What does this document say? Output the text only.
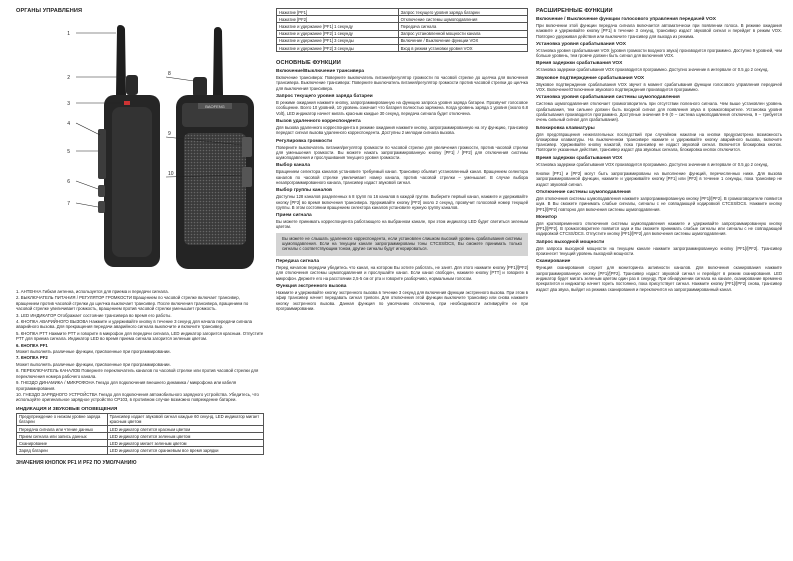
ОРГАНЫ УПРАВЛЕНИЯ
BAOFENG
1
2
3
4
5
6
7
8
9
10
1. АНТЕННА Гибкая антенна, используется для приема и передачи сигнала.
2. ВЫКЛЮЧАТЕЛЬ ПИТАНИЯ / РЕГУЛЯТОР ГРОМКОСТИ Вращением по часовой стрелке включает трансивер, вращением против часовой стрелки до щелчка выключает трансивер. После включения трансивера, вращением по часовой стрелке увеличивает громкость, вращением против часовой стрелки уменьшает громкость.
3. LED ИНДИКАТОР Отображает состояние трансивера во время его работы.
4. КНОПКА АВАРИЙНОГО ВЫЗОВА Нажмите и удерживайте кнопку в течение 3 секунд для начала передачи сигнала аварийного вызова. Для прекращения передачи аварийного сигнала выключите и включите трансивер.
5. КНОПКА PTT Нажмите PTT и говорите в микрофон для передачи сигнала, LED индикатор загорится красным. Отпустите PTT для приема сигнала. Индикатор LED во время приема сигнала загорится зеленым цветом.
6. КНОПКА PF1
Может выполнять различные функции, присвоенные при программировании.
7. КНОПКА PF2
Может выполнять различные функции, присвоенные при программировании.
8. ПЕРЕКЛЮЧАТЕЛЬ КАНАЛОВ Поверните переключатель каналов по часовой стрелке или против часовой стрелки для переключения номера рабочего канала.
9. ГНЕЗДО ДИНАМИКА / МИКРОФОНА Гнездо для подключения внешнего динамика / микрофона или кабеля программирования.
10. ГНЕЗДО ЗАРЯДНОГО УСТРОЙСТВА Гнездо для подключения автомобильного зарядного устройства. Убедитесь, что используйте оригинальное зарядное устройство CP103, в противном случае возможно повреждение батареи.
ИНДИКАЦИЯ И ЗВУКОВЫЕ ОПОВЕЩЕНИЯ
Предупреждение о низком уровне заряда батареи	Трансивер издает звуковой сигнал каждые 60 секунд, LED индикатор мигает красным цветом
Передача сигнала или чтение данных	LED индикатор светится красным цветом
Прием сигнала или запись данных	LED индикатор светится зеленым цветом
Сканирование	LED индикатор мигает зеленым цветом
Заряд батареи	LED индикатор светится оранжевым все время зарядки
ЗНАЧЕНИЯ КНОПОК PF1 И PF2 ПО УМОЛЧАНИЮ
Нажатие [PF1]	Запрос текущего уровня заряда батареи
Нажатие [PF2]	Отключение системы шумоподавления
Нажатие и удержание [PF1] 1 секунду	Передача сигнала
Нажатие и удержание [PF2] 1 секунду	Запрос установленной мощности канала
Нажатие и удержание [PF1] 3 секунды	Включение / Выключение функции VOX
Нажатие и удержание [PF2] 3 секунды	Вход в режим установки уровня VOX
ОСНОВНЫЕ ФУНКЦИИ
Включение/Выключение трансивера

Включение трансивера: Поверните выключатель питания/регулятор громкости по часовой стрелке до щелчка для включения трансивера. Выключение трансивера: Поверните выключатель питания/регулятор громкости против часовой стрелки до щелчка для выключения трансивера.

Запрос текущего уровня заряда батареи

В режиме ожидания нажмите кнопку, запрограммированную на функцию запроса уровня заряда батареи. Прозвучит голосовое сообщение. Всего 10 уровней, 10 уровень означает что батарея полностью заряжена. Когда уровень заряда 1 уровня (около 6.8 Volt), LED индикатор начнет мигать красным каждые 30 секунд, передача сигнала будет отключена.

Вызов удаленного корреспондента

Для вызова удаленного корреспондента в режиме ожидания нажмите кнопку, запрограммированную на эту функцию, трансивер передаст сигнал вызова удаленного корреспондента. Доступны 2 мелодии сигнала вызова.

Регулировка громкости

Поверните выключатель питания/регулятор громкости по часовой стрелке для увеличения громкости, против часовой стрелки для уменьшения громкости. Вы можете нажать запрограммированную кнопку [PF1] / [PF2] для отключения системы шумоподавления и прослушивания текущего уровня громкости.

Выбор канала

Вращением селектора каналов установите требуемый канал. Трансивер объявит установленный канал. Вращением селектора каналов по часовой стрелке увеличивает номер канала, против часовой стрелки – уменьшает. В случае выбора незапрограммированного канала, трансивер издаст звуковой сигнал.

Выбор группы каналов

Доступны 128 каналов разделенных в 8 групп по 16 каналов в каждой группе. Выберите первый канал, нажмите и удерживайте кнопку [PF2] во время включения трансивера. Удерживайте кнопку [PF2] около 2 секунд, прозвучит голосовой номер текущей группы. В этом состоянии вращением селектора каналов установите нужную группу каналов.

Прием сигнала

Вы можете принимать корреспондента работающего на выбранном канале, при этом индикатор LED будет светиться зеленым цветом.

Вы можете не слышать удаленного корреспондента, если установлен слишком высокий уровень срабатывания системы шумоподавления. Если на текущем канале запрограммированы тоны CTCSS/DCS, Вы сможете принимать только сигналы с соответствующим тоном, другие сигналы будут игнорироваться.

Передача сигнала

Перед началом передачи убедитесь что канал, на котором Вы хотите работать, не занят. Для этого нажмите кнопку [PF1]/[PF2] для отключения системы шумоподавления и прослушайте канал. Если канал свободен, нажмите кнопку [PTT] и говорите в микрофон. Держите его на расстоянии 2,5-5 см от рта и говорите разборчиво, нормальным голосом.

Функция экстренного вызова

Нажмите и удерживайте кнопку экстренного вызова в течение 3 секунд для включения функции экстренного вызова. При этом в эфир трансивер начнет передавать сигнал тревоги. Для отключения этой функции выключите трансивер или снова нажмите кнопку экстренного вызова. Данная функция по умолчанию отключена, при необходимости активируйте ее при программировании.

РАСШИРЕННЫЕ ФУНКЦИИ
Включение / Выключение функции голосового управления передачей VOX

При включении этой функции передача сигнала включается автоматически при появлении голоса. В режиме ожидания нажмите и удерживайте кнопку [PF1] в течение 3 секунд, трансивер издаст звуковой сигнал и перейдет в режим VOX. Повторно удерживая действия или выключите трансивер для выхода из режима.

Установка уровня срабатывания VOX

Установка уровня срабатывания VOX (уровня громкости входного звука) производится программно. Доступно 9 уровней, чем больше уровень, тем громче должен быть сигнал для включения VOX.

Время задержки срабатывания VOX

Установка задержки срабатывания VOX производится программно. Доступно значение в интервале от 0.5 до 2 секунд.

Звуковое подтверждение срабатывания VOX

Звуковое подтверждение срабатывания VOX звучит в момент срабатывания функции голосового управления передачей VOX. Включение/Отключение звукового подтверждения производится программно.

Установка уровня срабатывания системы шумоподавления

Система шумоподавления отключает громкоговоритель при отсутствии полезного сигнала. Чем выше установлен уровень срабатывания, тем сильнее должен быть входной сигнал для появления звука в громкоговорителе. Установка уровня срабатывания производится программно. Доступные значения 0-9 (0 – система шумоподавления отключена, 9 – требуется очень сильный сигнал для срабатывания).

Блокировка клавиатуры

Для предотвращения нежелательных последствий при случайном нажатии на кнопки предусмотрена возможность блокировки клавиатуры. На выключенном трансивере нажмите и удерживайте кнопку аварийного вызова, включите трансивер. Удерживайте кнопку нажатой, пока трансивер не издаст звуковой сигнал. Включится блокировка кнопок. Повторите указанные действия, трансивер издаст два звуковых сигнала, блокировка кнопок отключится.

Время задержки срабатывания VOX

Установка задержки срабатывания VOX производится программно. Доступно значение в интервале от 0.5 до 2 секунд.

Кнопки [PF1] и [PF2] могут быть запрограммированы на выполнение функций, перечисленных ниже. Для вызова запрограммированной функции, нажмите и удерживайте кнопку [PF1] или [PF2] в течение 1 секунды, пока трансивер не издаст звуковой сигнал.

Отключение системы шумоподавления

Для отключения системы шумоподавления нажмите запрограммированную кнопку [PF1]/[PF2]. В громкоговорителе появится шум. В Вы сможете принимать слабые сигналы, сигналы с не совпадающей кодировкой CTCSS/DCS. Нажмите кнопку [PF1]/[PF2] повторно для включения системы шумоподавления.

Монитор

Для кратковременного отключения системы шумоподавления нажмите и удерживайте запрограммированную кнопку [PF1]/[PF2]. В громкоговорителе появится шум и Вы сможете принимать слабые сигналы или сигналы с не совпадающей кодировкой CTCSS/DCS. Отпустите кнопку [PF1]/[PF2] для включения системы шумоподавления.

Запрос выходной мощности

Для запроса выходной мощности на текущем канале нажмите запрограммированную кнопку [PF1]/[PF2]. Трансивер произнесет текущий уровень выходной мощности.

Сканирование

Функция сканирования служит для мониторинга активности каналов. Для включения сканирования нажмите запрограммированную кнопку [PF1]/[PF2]. Трансивер издаст звуковой сигнал и перейдет в режим сканирования. LED индикатор будет мигать зеленым цветом один раз в секунду. При обнаружении сигнала на канале, сканирование временно прекратится и индикатор начнет гореть постоянно, пока присутствует сигнал. Нажмите кнопку [PF1]/[PF2] снова, трансивер издаст два звука, выйдет из режима сканирования и переключится на запрограммированный канал.
